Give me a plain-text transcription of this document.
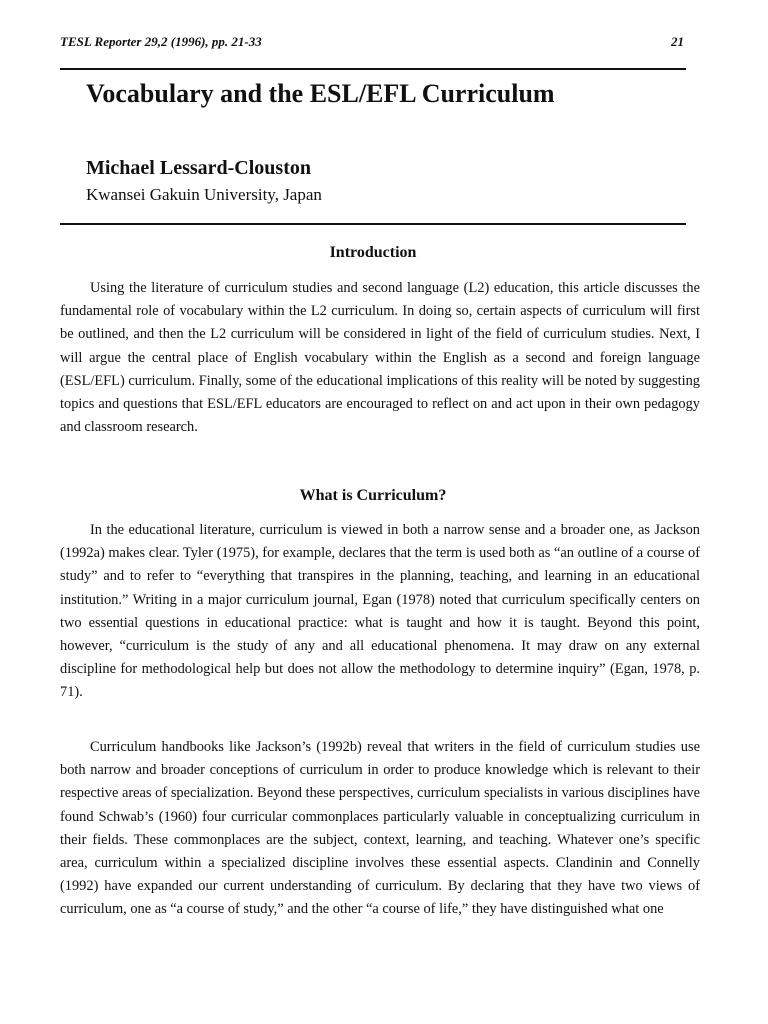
TESL Reporter 29,2 (1996), pp. 21-33	21
Vocabulary and the ESL/EFL Curriculum

Michael Lessard-Clouston

Kwansei Gakuin University, Japan

Introduction

Using the literature of curriculum studies and second language (L2) education, this article discusses the fundamental role of vocabulary within the L2 curriculum. In doing so, certain aspects of curriculum will first be outlined, and then the L2 curriculum will be considered in light of the field of curriculum studies. Next, I will argue the central place of English vocabulary within the English as a second and foreign language (ESL/EFL) curriculum. Finally, some of the educational implications of this reality will be noted by suggesting topics and questions that ESL/EFL educators are encouraged to reflect on and act upon in their own pedagogy and classroom research.

What is Curriculum?

In the educational literature, curriculum is viewed in both a narrow sense and a broader one, as Jackson (1992a) makes clear. Tyler (1975), for example, declares that the term is used both as “an outline of a course of study” and to refer to “everything that transpires in the planning, teaching, and learning in an educational institution.” Writing in a major curriculum journal, Egan (1978) noted that curriculum specifically centers on two essential questions in educational practice: what is taught and how it is taught. Beyond this point, however, “curriculum is the study of any and all educational phenomena. It may draw on any external discipline for methodological help but does not allow the methodology to determine inquiry” (Egan, 1978, p. 71).

Curriculum handbooks like Jackson’s (1992b) reveal that writers in the field of curriculum studies use both narrow and broader conceptions of curriculum in order to produce knowledge which is relevant to their respective areas of specialization. Beyond these perspectives, curriculum specialists in various disciplines have found Schwab’s (1960) four curricular commonplaces particularly valuable in conceptualizing curriculum in their fields. These commonplaces are the subject, context, learning, and teaching. Whatever one’s specific area, curriculum within a specialized discipline involves these essential aspects. Clandinin and Connelly (1992) have expanded our current understanding of curriculum. By declaring that they have two views of curriculum, one as “a course of study,” and the other “a course of life,” they have distinguished what one
